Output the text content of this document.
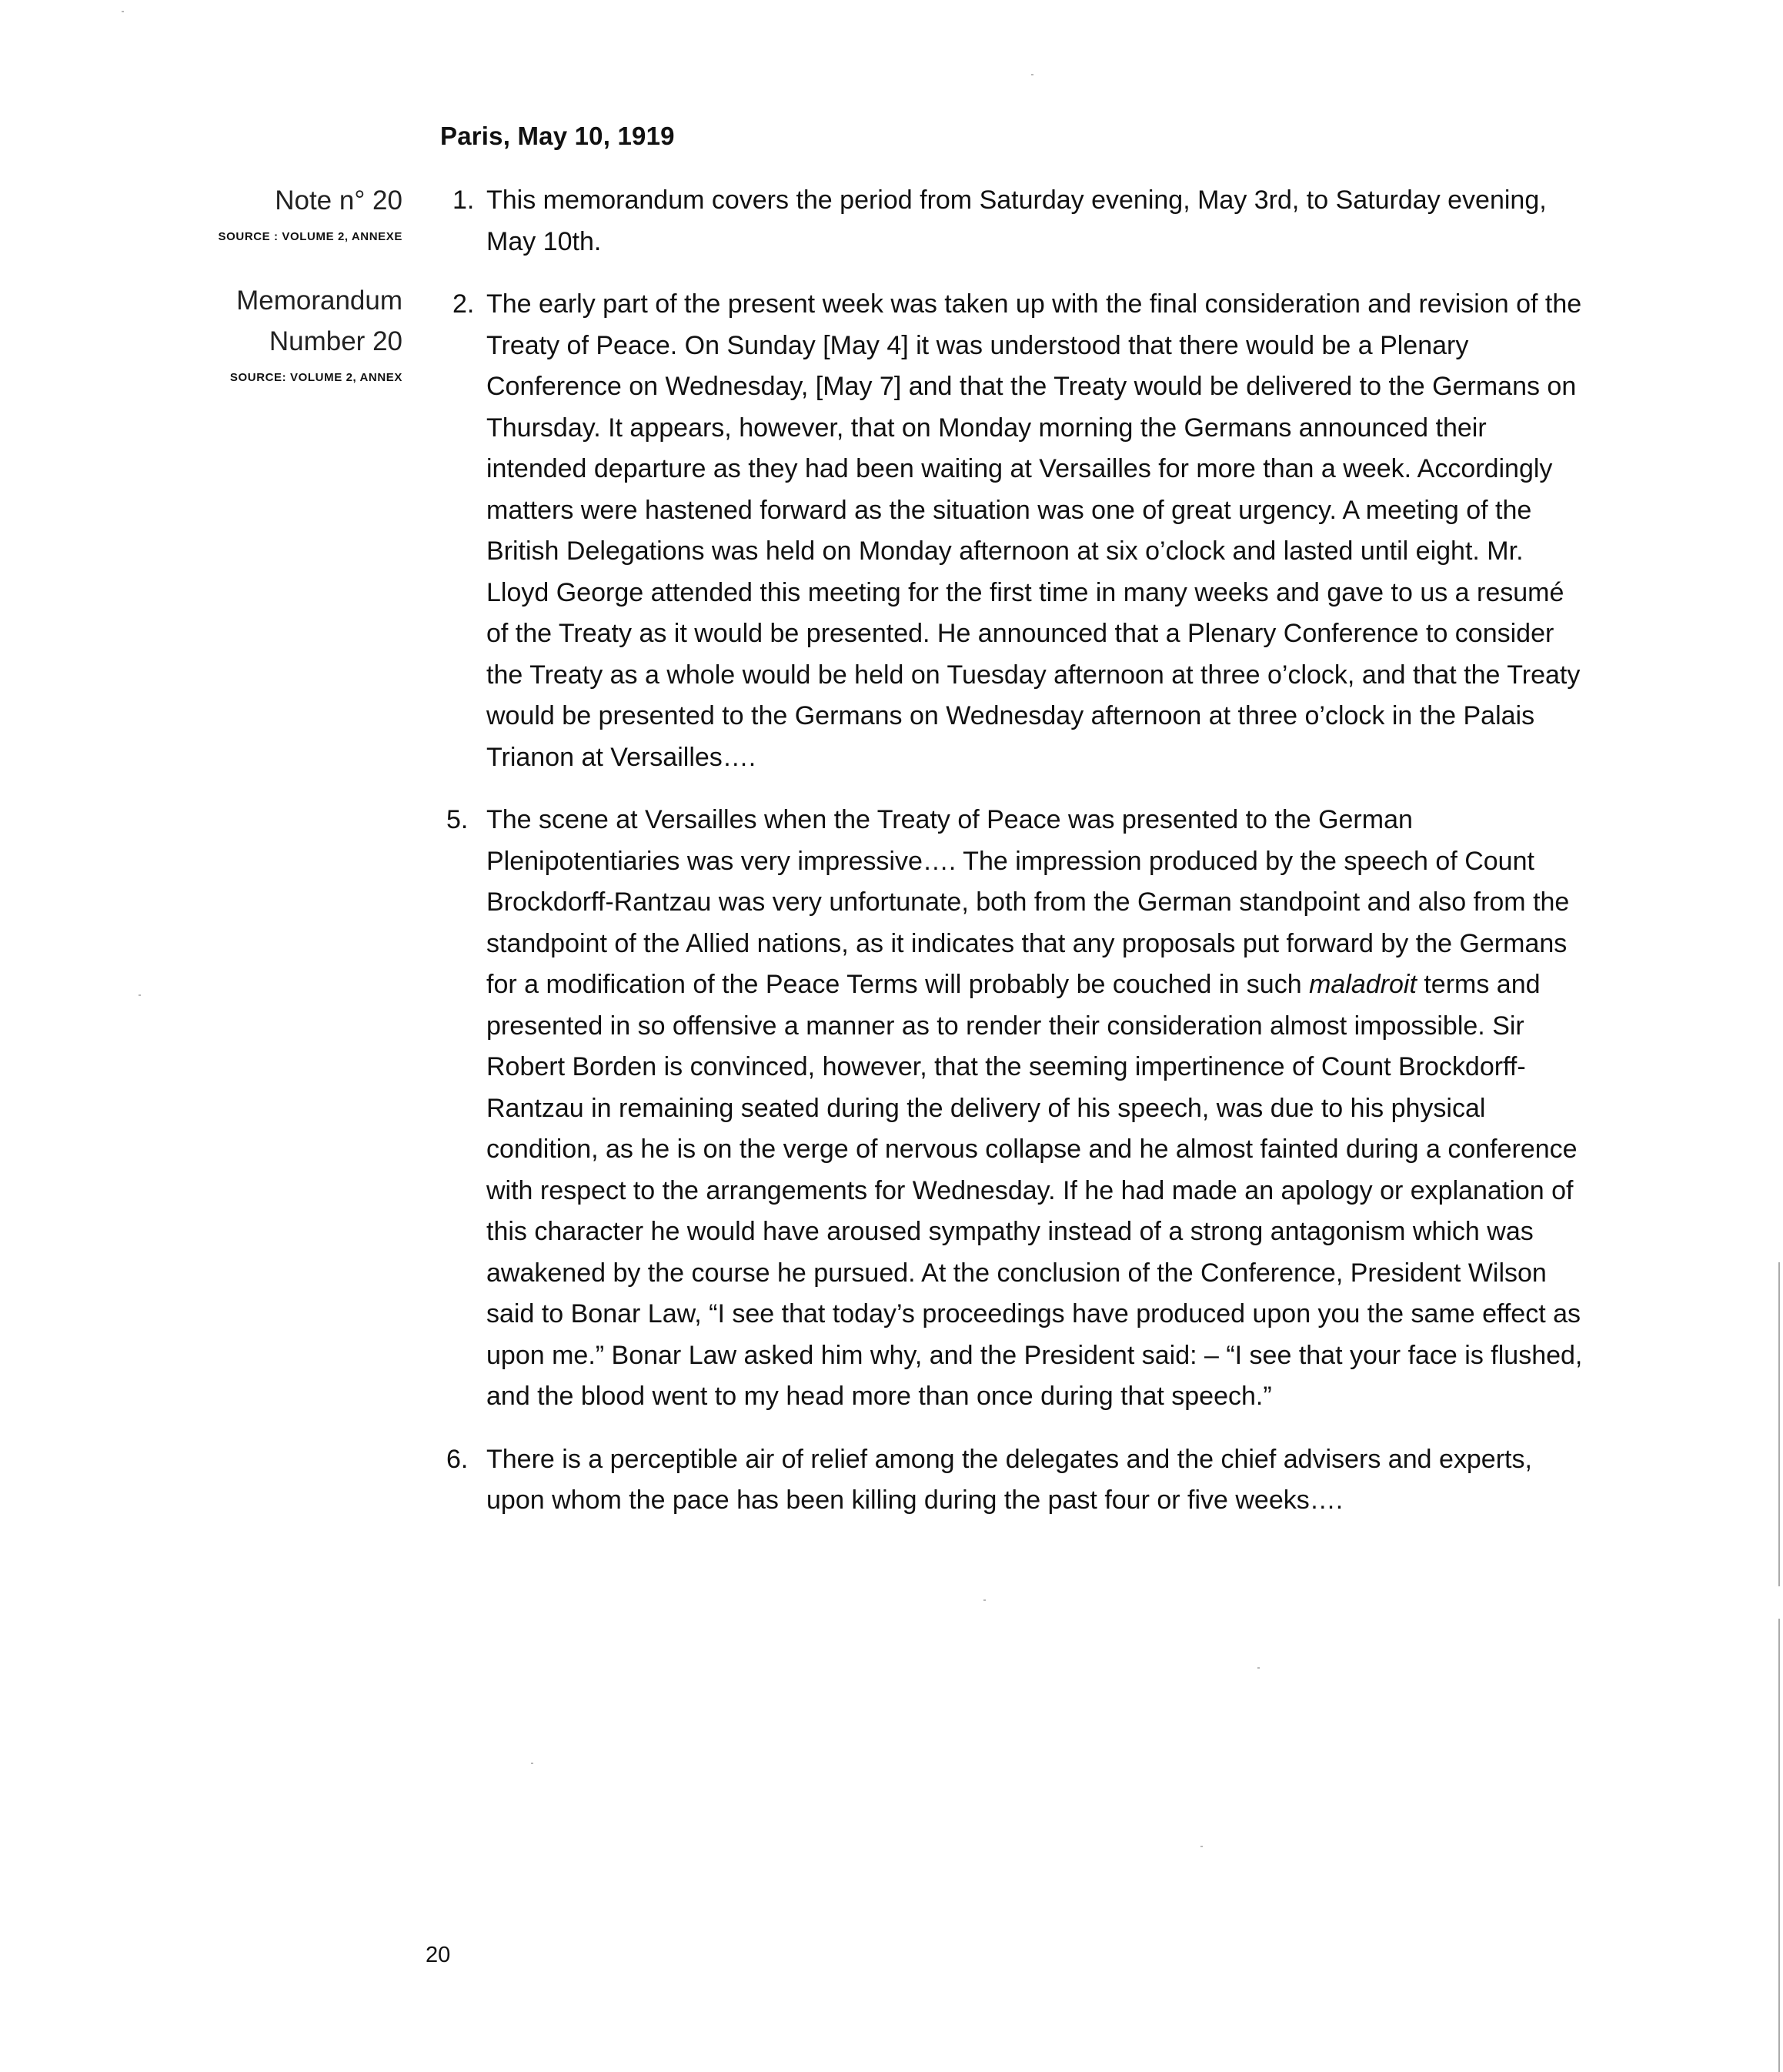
Paris, May 10, 1919
Note n° 20
SOURCE : VOLUME 2, ANNEXE
Memorandum
Number 20
SOURCE: VOLUME 2, ANNEX
1. This memorandum covers the period from Saturday evening, May 3rd, to Saturday evening, May 10th.
2. The early part of the present week was taken up with the final consideration and revision of the Treaty of Peace. On Sunday [May 4] it was understood that there would be a Plenary Conference on Wednesday, [May 7] and that the Treaty would be delivered to the Germans on Thursday. It appears, however, that on Monday morning the Germans announced their intended departure as they had been waiting at Versailles for more than a week. Accordingly matters were hastened forward as the situation was one of great urgency. A meeting of the British Delegations was held on Monday afternoon at six o’clock and lasted until eight. Mr. Lloyd George attended this meeting for the first time in many weeks and gave to us a resumé of the Treaty as it would be presented. He announced that a Plenary Conference to consider the Treaty as a whole would be held on Tuesday afternoon at three o’clock, and that the Treaty would be presented to the Germans on Wednesday afternoon at three o’clock in the Palais Trianon at Versailles….
5. The scene at Versailles when the Treaty of Peace was presented to the German Plenipotentiaries was very impressive…. The impression produced by the speech of Count Brockdorff-Rantzau was very unfortunate, both from the German standpoint and also from the standpoint of the Allied nations, as it indicates that any proposals put forward by the Germans for a modification of the Peace Terms will probably be couched in such maladroit terms and presented in so offensive a manner as to render their consideration almost impossible. Sir Robert Borden is convinced, however, that the seeming impertinence of Count Brockdorff-Rantzau in remaining seated during the delivery of his speech, was due to his physical condition, as he is on the verge of nervous collapse and he almost fainted during a conference with respect to the arrangements for Wednesday. If he had made an apology or explanation of this character he would have aroused sympathy instead of a strong antagonism which was awakened by the course he pursued. At the conclusion of the Conference, President Wilson said to Bonar Law, “I see that today’s proceedings have produced upon you the same effect as upon me.” Bonar Law asked him why, and the President said: – “I see that your face is flushed, and the blood went to my head more than once during that speech.”
6. There is a perceptible air of relief among the delegates and the chief advisers and experts, upon whom the pace has been killing during the past four or five weeks….
20
